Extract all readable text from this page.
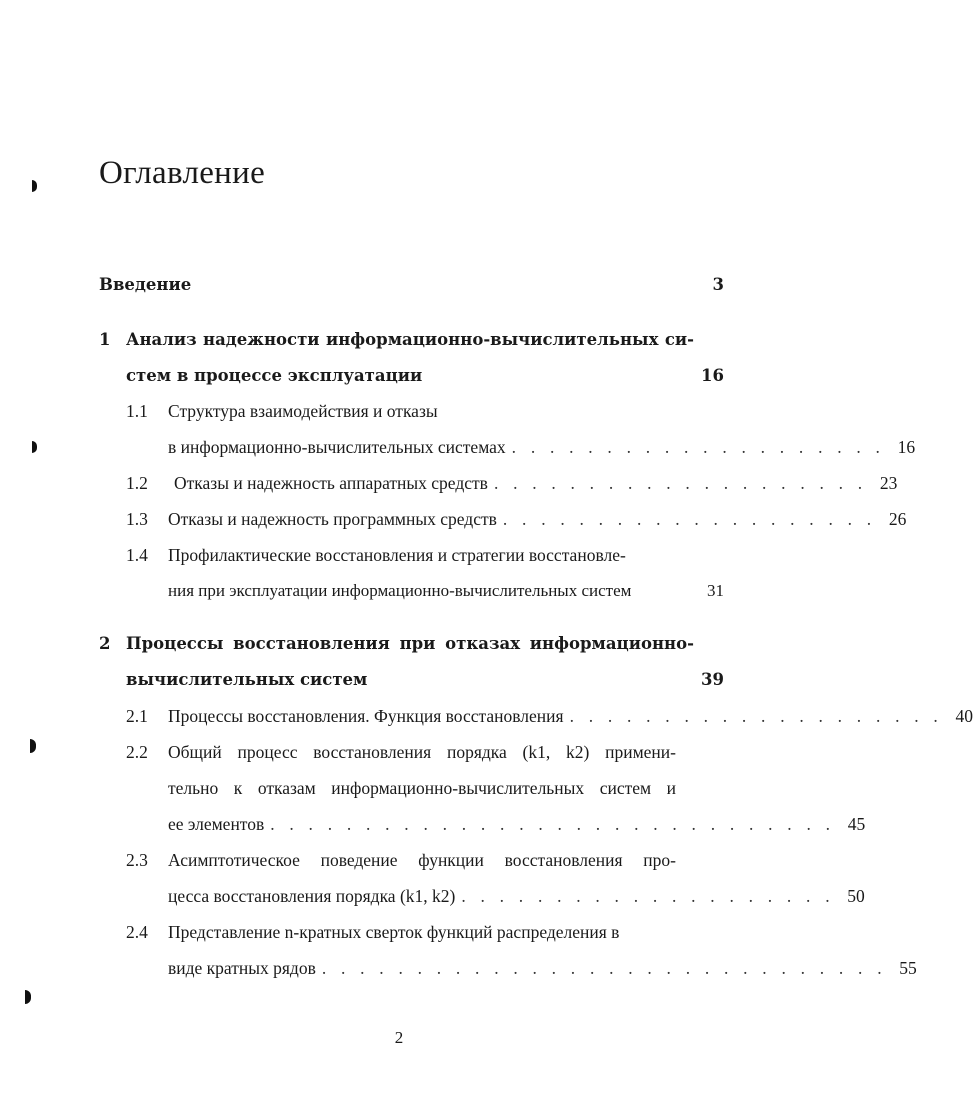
Оглавление
Введение	3
1 Анализ надежности информационно-вычислительных си-
стем в процессе эксплуатации	16
1.1 Структура взаимодействия и отказы
в информационно-вычислительных системах . . . . . . . . . . . . . . . . . . . . 16
1.2 Отказы и надежность аппаратных средств . . . . . . . . . . . . . . . . . . . . 23
1.3 Отказы и надежность программных средств . . . . . . . . . . . . . . . . . . . . 26
1.4 Профилактические восстановления и стратегии восстановле-
ния при эксплуатации информационно-вычислительных систем	31
2 Процессы восстановления при отказах информационно-
вычислительных систем	39
2.1 Процессы восстановления. Функция восстановления . . . . . . . . . . . . . . . . . . . . 40
2.2 Общий процесс восстановления порядка (k1, k2) примени-
тельно к отказам информационно-вычислительных систем и
ее элементов . . . . . . . . . . . . . . . . . . . . . . . . . . . . . . 45
2.3 Асимптотическое поведение функции восстановления про-
цесса восстановления порядка (k1, k2) . . . . . . . . . . . . . . . . . . . . 50
2.4 Представление n-кратных сверток функций распределения в
виде кратных рядов . . . . . . . . . . . . . . . . . . . . . . . . . . . . . . 55
2
